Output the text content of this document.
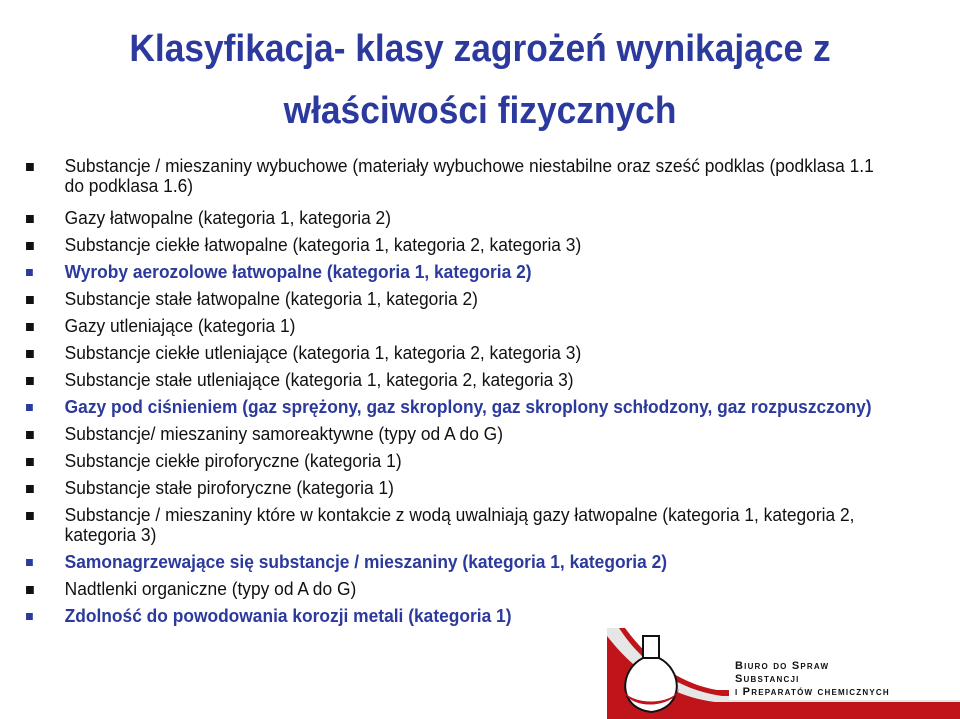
Klasyfikacja- klasy zagrożeń wynikające z
właściwości fizycznych
Substancje / mieszaniny wybuchowe (materiały wybuchowe niestabilne oraz sześć podklas (podklasa 1.1 do podklasa 1.6)
Gazy łatwopalne (kategoria 1, kategoria 2)
Substancje ciekłe łatwopalne (kategoria 1, kategoria 2, kategoria 3)
Wyroby aerozolowe łatwopalne (kategoria 1, kategoria 2)
Substancje stałe łatwopalne (kategoria 1, kategoria 2)
Gazy utleniające (kategoria 1)
Substancje ciekłe utleniające (kategoria 1, kategoria 2, kategoria 3)
Substancje stałe utleniające (kategoria 1, kategoria 2, kategoria 3)
Gazy pod ciśnieniem (gaz sprężony, gaz skroplony, gaz skroplony schłodzony, gaz rozpuszczony)
Substancje/ mieszaniny samoreaktywne (typy od A do G)
Substancje ciekłe piroforyczne (kategoria 1)
Substancje stałe piroforyczne (kategoria 1)
Substancje / mieszaniny które w kontakcie z wodą uwalniają gazy łatwopalne (kategoria 1, kategoria 2, kategoria 3)
Samonagrzewające się substancje / mieszaniny (kategoria 1, kategoria 2)
Nadtlenki organiczne (typy od A do G)
Zdolność do powodowania korozji metali (kategoria 1)
Biuro do Spraw
Substancji
i Preparatów chemicznych
